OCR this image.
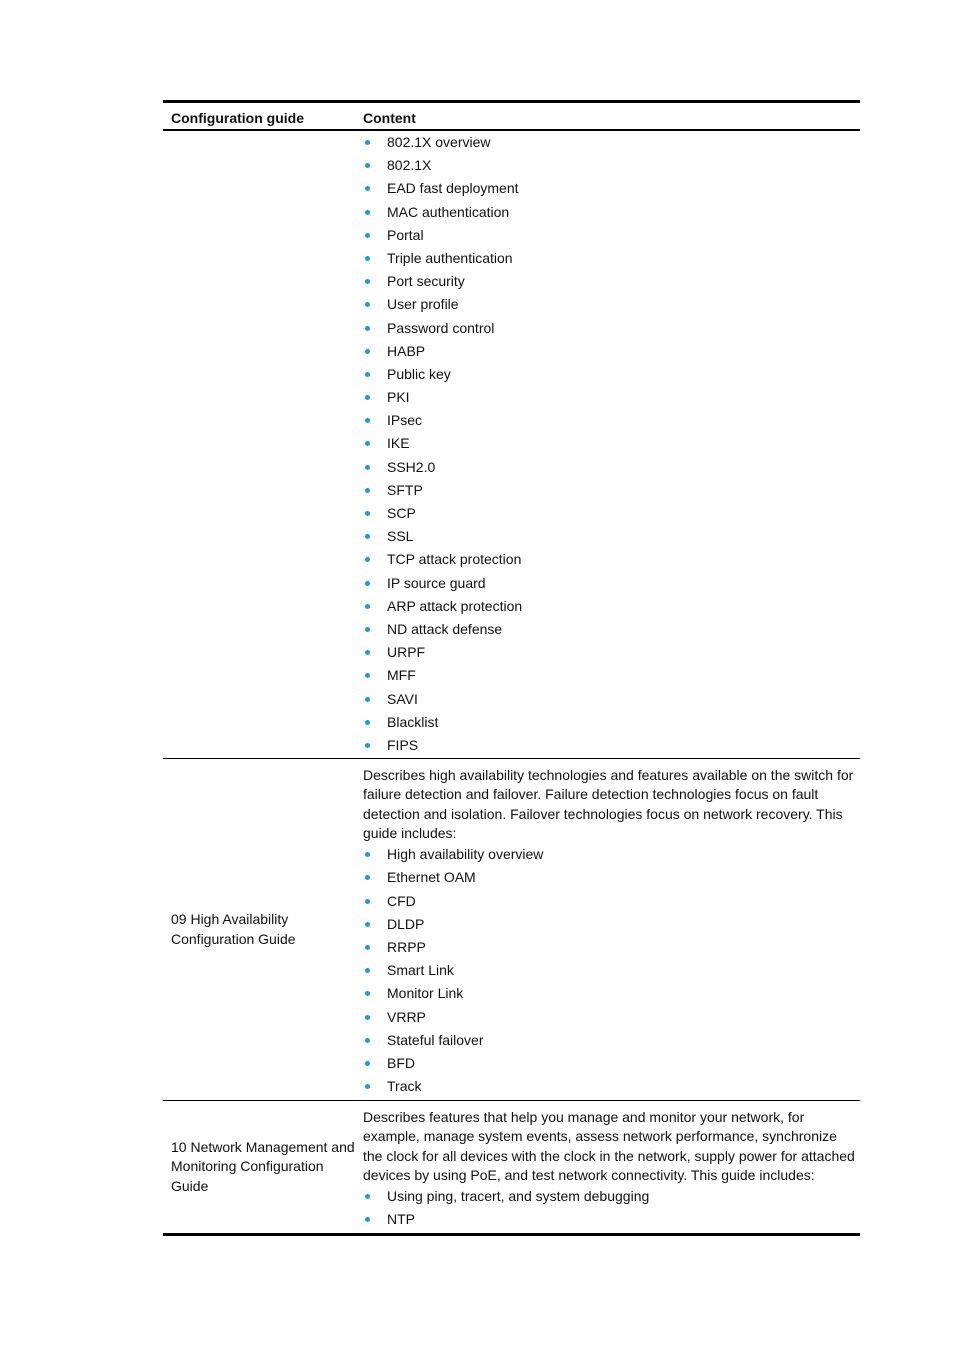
Configuration guide	Content
802.1X overview
802.1X
EAD fast deployment
MAC authentication
Portal
Triple authentication
Port security
User profile
Password control
HABP
Public key
PKI
IPsec
IKE
SSH2.0
SFTP
SCP
SSL
TCP attack protection
IP source guard
ARP attack protection
ND attack defense
URPF
MFF
SAVI
Blacklist
FIPS
09 High Availability Configuration Guide

Describes high availability technologies and features available on the switch for failure detection and failover. Failure detection technologies focus on fault detection and isolation. Failover technologies focus on network recovery. This guide includes:

High availability overview
Ethernet OAM
CFD
DLDP
RRPP
Smart Link
Monitor Link
VRRP
Stateful failover
BFD
Track
10 Network Management and Monitoring Configuration Guide

Describes features that help you manage and monitor your network, for example, manage system events, assess network performance, synchronize the clock for all devices with the clock in the network, supply power for attached devices by using PoE, and test network connectivity. This guide includes:

Using ping, tracert, and system debugging
NTP
